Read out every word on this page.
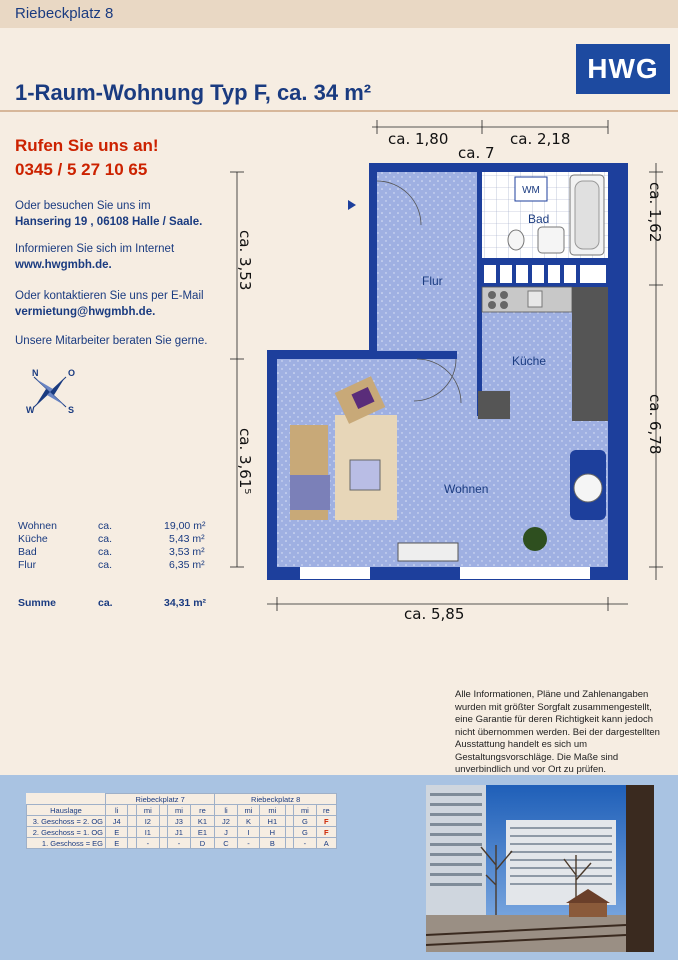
Riebeckplatz 8
HWG
1-Raum-Wohnung Typ F, ca. 34 m²
Rufen Sie uns an!
0345 / 5 27 10 65
Oder besuchen Sie uns im
Hansering 19 , 06108 Halle / Saale.
Informieren Sie sich im Internet
www.hwgmbh.de.
Oder kontaktieren Sie uns per E-Mail
vermietung@hwgmbh.de.
Unsere Mitarbeiter beraten Sie gerne.
N	O
W	S
Wohnen	ca.	19,00 m²
Küche	ca.	5,43 m²
Bad	ca.	3,53 m²
Flur	ca.	6,35 m²
Summe	ca.	34,31 m²
WM
ca. 1,80	ca. 2,18
ca. 7
ca. 3,53
ca. 3,61⁵
ca. 1,62
ca. 6,78
ca. 5,85
Flur
Bad
Küche
Wohnen
Alle Informationen, Pläne und Zahlenangaben wurden mit größter Sorgfalt zusammengestellt, eine Garantie für deren Richtigkeit kann jedoch nicht übernommen werden. Bei der dargestellten Ausstattung handelt es sich um Gestaltungsvorschläge. Die Maße sind unverbindlich und vor Ort zu prüfen.
	Riebeckplatz 7						Riebeckplatz 8					
Hauslage	li		mi		mi	re	li	mi	mi		mi	re
3. Geschoss = 2. OG	J4		I2		J3	K1	J2	K	H1		G	F
2. Geschoss = 1. OG	E		I1		J1	E1	J	I	H		G	F
1. Geschoss = EG	E		-		-	D	C	-	B		-	A
